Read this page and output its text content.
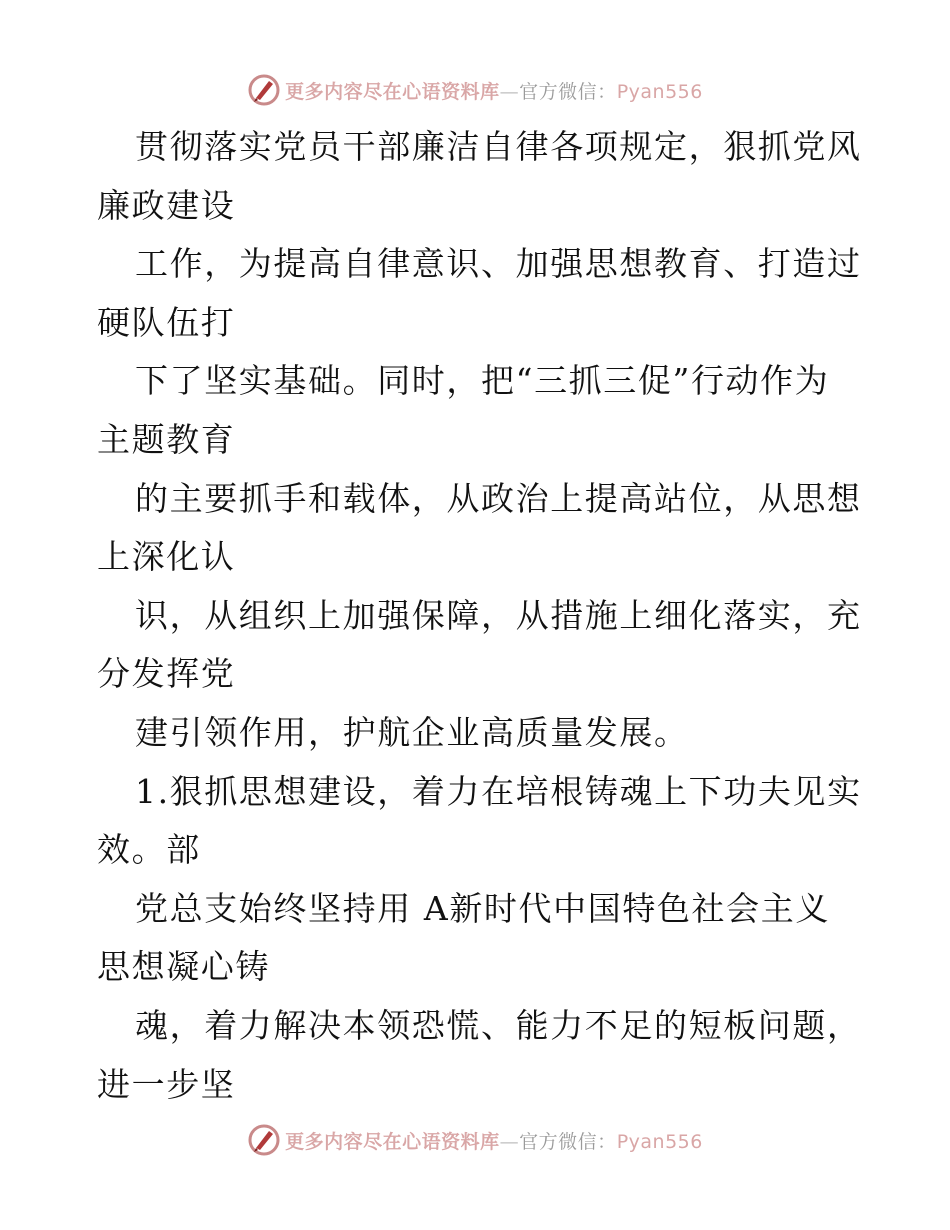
更多内容尽在心语资料库—官方微信：Pyan556
贯彻落实党员干部廉洁自律各项规定，狠抓党风
廉政建设
工作，为提高自律意识、加强思想教育、打造过
硬队伍打
下了坚实基础。同时，把“三抓三促”行动作为
主题教育
的主要抓手和载体，从政治上提高站位，从思想
上深化认
识，从组织上加强保障，从措施上细化落实，充
分发挥党
建引领作用，护航企业高质量发展。
1.狠抓思想建设，着力在培根铸魂上下功夫见实
效。部
党总支始终坚持用 A新时代中国特色社会主义
思想凝心铸
魂，着力解决本领恐慌、能力不足的短板问题，
进一步坚
更多内容尽在心语资料库—官方微信：Pyan556
